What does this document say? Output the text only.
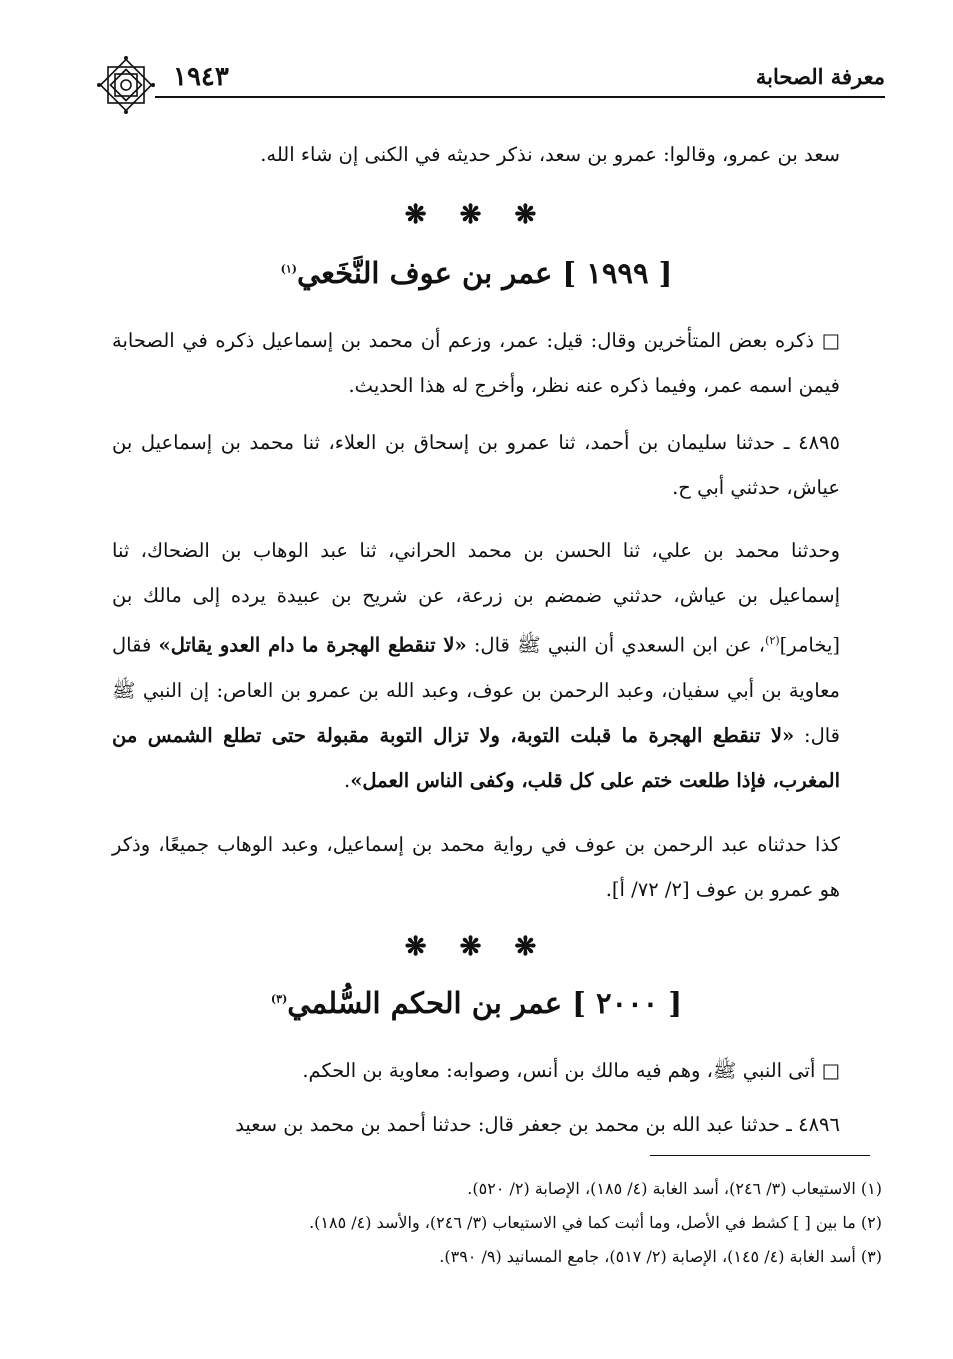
معرفة الصحابة
١٩٤٣

سعد بن عمرو، وقالوا: عمرو بن سعد، نذكر حديثه في الكنى إن شاء الله.

❋ ❋ ❋
[ ١٩٩٩ ] عمر بن عوف النَّخَعي$^{(١)}$

□ ذكره بعض المتأخرين وقال: قيل: عمر، وزعم أن محمد بن إسماعيل ذكره في الصحابة فيمن اسمه عمر، وفيما ذكره عنه نظر، وأخرج له هذا الحديث.

٤٨٩٥ ـ حدثنا سليمان بن أحمد، ثنا عمرو بن إسحاق بن العلاء، ثنا محمد بن إسماعيل بن عياش، حدثني أبي ح.

وحدثنا محمد بن علي، ثنا الحسن بن محمد الحراني، ثنا عبد الوهاب بن الضحاك، ثنا إسماعيل بن عياش، حدثني ضمضم بن زرعة، عن شريح بن عبيدة يرده إلى مالك بن [يخامر]$^{(٢)}$، عن ابن السعدي أن النبي ﷺ قال: «لا تنقطع الهجرة ما دام العدو يقاتل» فقال معاوية بن أبي سفيان، وعبد الرحمن بن عوف، وعبد الله بن عمرو بن العاص: إن النبي ﷺ قال: «لا تنقطع الهجرة ما قبلت التوبة، ولا تزال التوبة مقبولة حتى تطلع الشمس من المغرب، فإذا طلعت ختم على كل قلب، وكفى الناس العمل».

كذا حدثناه عبد الرحمن بن عوف في رواية محمد بن إسماعيل، وعبد الوهاب جميعًا، وذكر هو عمرو بن عوف [٢/ ٧٢/ أ].

❋ ❋ ❋
[ ٢٠٠٠ ] عمر بن الحكم السُّلمي$^{(٣)}$

□ أتى النبي ﷺ، وهم فيه مالك بن أنس، وصوابه: معاوية بن الحكم.

٤٨٩٦ ـ حدثنا عبد الله بن محمد بن جعفر قال: حدثنا أحمد بن محمد بن سعيد

(١) الاستيعاب (٣/ ٢٤٦)، أسد الغابة (٤/ ١٨٥)، الإصابة (٢/ ٥٢٠).
(٢) ما بين [ ] كشط في الأصل، وما أثبت كما في الاستيعاب (٣/ ٢٤٦)، والأسد (٤/ ١٨٥).
(٣) أسد الغابة (٤/ ١٤٥)، الإصابة (٢/ ٥١٧)، جامع المسانيد (٩/ ٣٩٠).
